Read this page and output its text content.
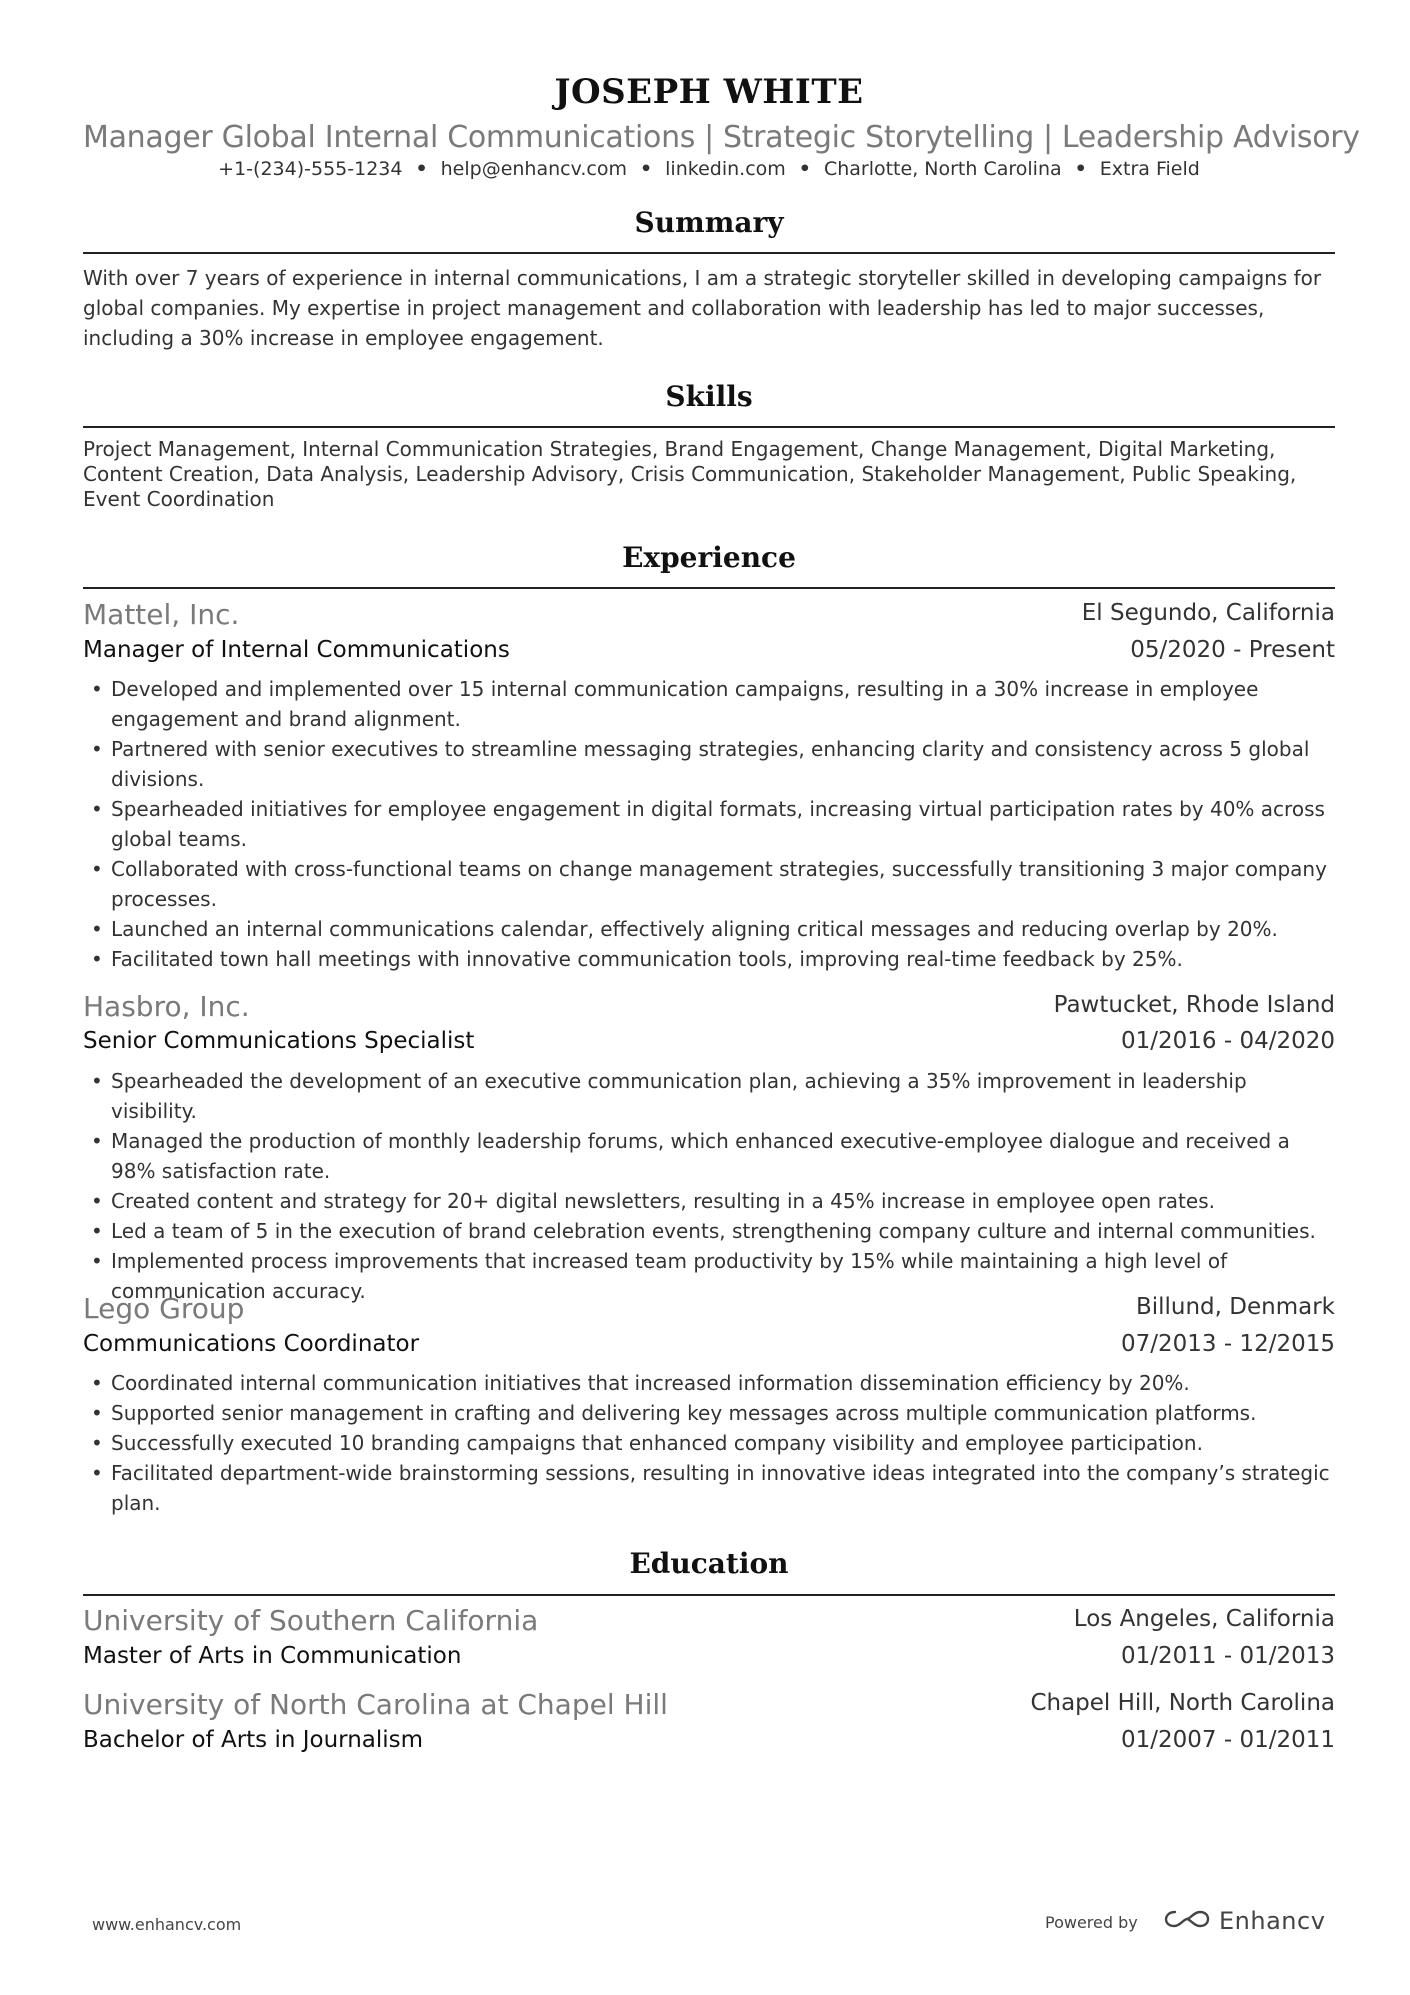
JOSEPH WHITE
Manager Global Internal Communications | Strategic Storytelling | Leadership Advisory
+1-(234)-555-1234 • help@enhancv.com • linkedin.com • Charlotte, North Carolina • Extra Field
Summary
With over 7 years of experience in internal communications, I am a strategic storyteller skilled in developing campaigns for global companies. My expertise in project management and collaboration with leadership has led to major successes, including a 30% increase in employee engagement.
Skills
Project Management, Internal Communication Strategies, Brand Engagement, Change Management, Digital Marketing, Content Creation, Data Analysis, Leadership Advisory, Crisis Communication, Stakeholder Management, Public Speaking, Event Coordination
Experience
Mattel, Inc.	El Segundo, California
Manager of Internal Communications	05/2020 - Present
• Developed and implemented over 15 internal communication campaigns, resulting in a 30% increase in employee engagement and brand alignment.
• Partnered with senior executives to streamline messaging strategies, enhancing clarity and consistency across 5 global divisions.
• Spearheaded initiatives for employee engagement in digital formats, increasing virtual participation rates by 40% across global teams.
• Collaborated with cross-functional teams on change management strategies, successfully transitioning 3 major company processes.
• Launched an internal communications calendar, effectively aligning critical messages and reducing overlap by 20%.
• Facilitated town hall meetings with innovative communication tools, improving real-time feedback by 25%.
Hasbro, Inc.	Pawtucket, Rhode Island
Senior Communications Specialist	01/2016 - 04/2020
• Spearheaded the development of an executive communication plan, achieving a 35% improvement in leadership visibility.
• Managed the production of monthly leadership forums, which enhanced executive-employee dialogue and received a 98% satisfaction rate.
• Created content and strategy for 20+ digital newsletters, resulting in a 45% increase in employee open rates.
• Led a team of 5 in the execution of brand celebration events, strengthening company culture and internal communities.
• Implemented process improvements that increased team productivity by 15% while maintaining a high level of communication accuracy.
Lego Group	Billund, Denmark
Communications Coordinator	07/2013 - 12/2015
• Coordinated internal communication initiatives that increased information dissemination efficiency by 20%.
• Supported senior management in crafting and delivering key messages across multiple communication platforms.
• Successfully executed 10 branding campaigns that enhanced company visibility and employee participation.
• Facilitated department-wide brainstorming sessions, resulting in innovative ideas integrated into the company’s strategic plan.
Education
University of Southern California	Los Angeles, California
Master of Arts in Communication	01/2011 - 01/2013
University of North Carolina at Chapel Hill	Chapel Hill, North Carolina
Bachelor of Arts in Journalism	01/2007 - 01/2011
www.enhancv.com	Powered by	Enhancv
